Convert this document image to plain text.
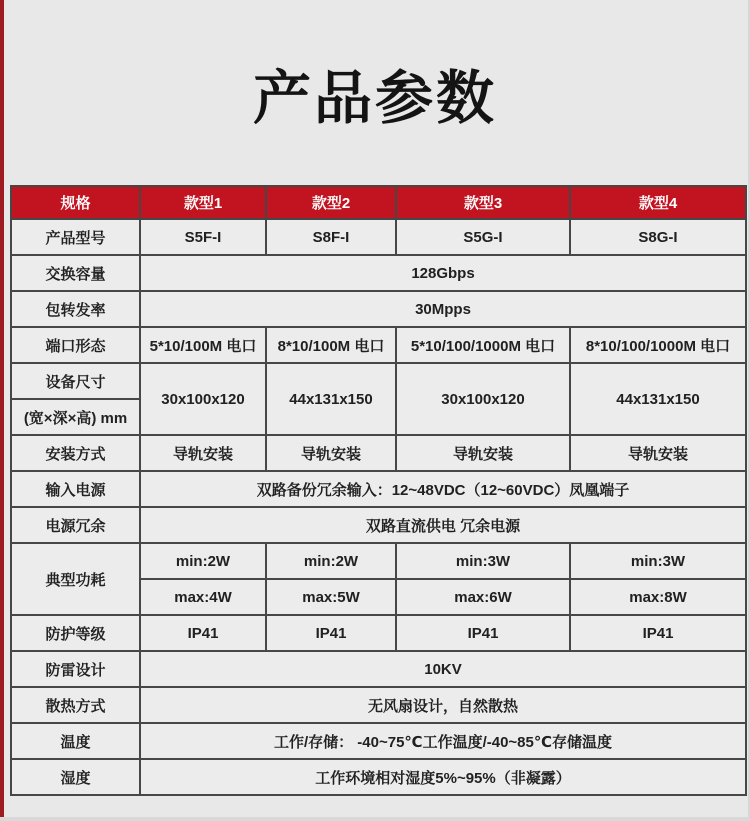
产品参数
规格	款型1	款型2	款型3	款型4
产品型号	S5F-I	S8F-I	S5G-I	S8G-I
交换容量	128Gbps			
包转发率	30Mpps			
端口形态	5*10/100M 电口	8*10/100M 电口	5*10/100/1000M 电口	8*10/100/1000M 电口
设备尺寸	30x100x120	44x131x150	30x100x120	44x131x150
(宽×深×高) mm				
安装方式	导轨安装	导轨安装	导轨安装	导轨安装
输入电源	双路备份冗余输入：12~48VDC（12~60VDC）凤凰端子			
电源冗余	双路直流供电 冗余电源			
典型功耗	min:2W	min:2W	min:3W	min:3W
	max:4W	max:5W	max:6W	max:8W
防护等级	IP41	IP41	IP41	IP41
防雷设计	10KV			
散热方式	无风扇设计，自然散热			
温度	工作/存储： -40~75℃工作温度/-40~85℃存储温度			
湿度	工作环境相对湿度5%~95%（非凝露）			
